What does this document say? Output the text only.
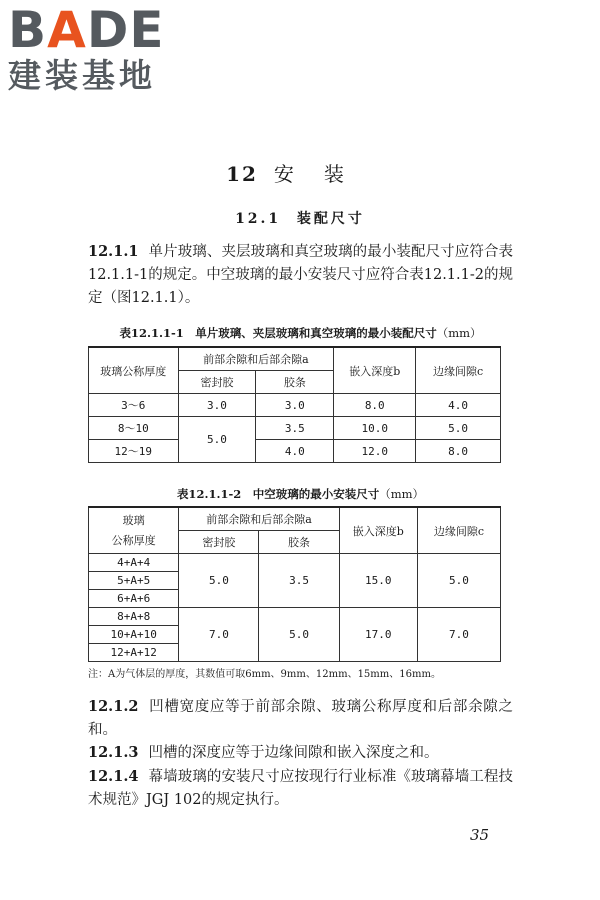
BADE
建装基地
12 安装
12.1 装配尺寸
12.1.1 单片玻璃、夹层玻璃和真空玻璃的最小装配尺寸应符合表12.1.1-1的规定。中空玻璃的最小安装尺寸应符合表12.1.1-2的规定（图12.1.1）。
表12.1.1-1　单片玻璃、夹层玻璃和真空玻璃的最小装配尺寸（mm）
玻璃公称厚度	前部余隙和后部余隙a		嵌入深度b	边缘间隙c
	密封胶	胶条		
3～6	3.0	3.0	8.0	4.0
8～10	5.0	3.5	10.0	5.0
12～19		4.0	12.0	8.0
表12.1.1-2　中空玻璃的最小安装尺寸（mm）
玻璃
公称厚度	前部余隙和后部余隙a		嵌入深度b	边缘间隙c
	密封胶	胶条		
4+A+4	5.0	3.5	15.0	5.0
5+A+5				
6+A+6				
8+A+8	7.0	5.0	17.0	7.0
10+A+10				
12+A+12				
注：A为气体层的厚度，其数值可取6mm、9mm、12mm、15mm、16mm。
12.1.2 凹槽宽度应等于前部余隙、玻璃公称厚度和后部余隙之和。
12.1.3 凹槽的深度应等于边缘间隙和嵌入深度之和。
12.1.4 幕墙玻璃的安装尺寸应按现行行业标准《玻璃幕墙工程技术规范》JGJ 102的规定执行。
35
